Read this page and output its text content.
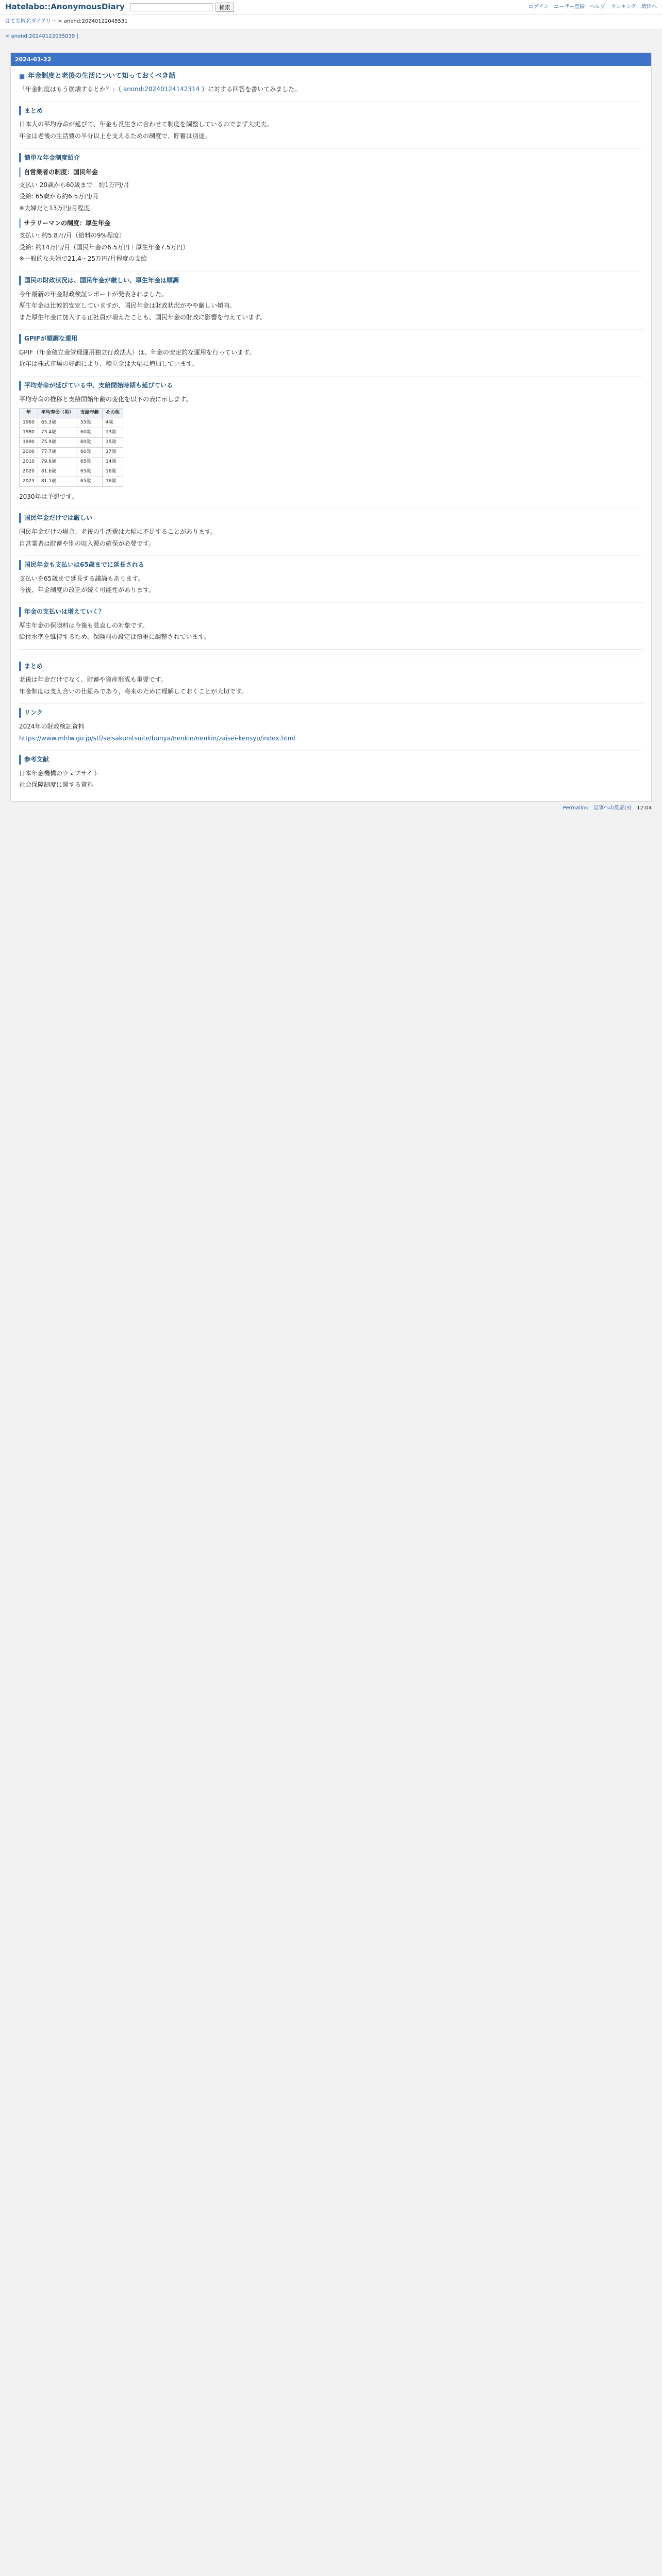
Hatelabo::AnonymousDiary	検索	ログイン ユーザー登録 ヘルプ ランキング 増田へ
はてな匿名ダイアリー > anond:20240122045531
< anond:20240122035039 |
2024-01-22
■ 年金制度と老後の生活について知っておくべき話
「年金制度はもう崩壊するとか？」（ anond:20240124142314 ）に対する回答を書いてみました。
まとめ

日本人の平均寿命が延びて、年金も長生きに合わせて制度を調整しているのでまず大丈夫。

年金は老後の生活費の半分以上を支えるための制度で、貯蓄は別途。

簡単な年金制度紹介
自営業者の制度：国民年金

支払い 20歳から60歳まで　約1万円/月

受給: 65歳から約6.5万円/月

※夫婦だと13万円/月程度

サラリーマンの制度：厚生年金

支払い: 約5.8万/月（給料の9%程度）

受給: 約14万円/月（国民年金の6.5万円＋厚生年金7.5万円）

※一般的な夫婦で21.4～25万円/月程度の支給

国民の財政状況は、国民年金が厳しい、厚生年金は順調

今年最新の年金財政検証レポートが発表されました。

厚生年金は比較的安定していますが、国民年金は財政状況がやや厳しい傾向。

また厚生年金に加入する正社員が増えたことも、国民年金の財政に影響を与えています。

GPIFが順調な運用

GPIF（年金積立金管理運用独立行政法人）は、年金の安定的な運用を行っています。

近年は株式市場の好調により、積立金は大幅に増加しています。

平均寿命が延びている中、支給開始時期も延びている

平均寿命の推移と支給開始年齢の変化を以下の表に示します。

年	平均寿命（男）	支給年齢	その他
1960	65.3歳	55歳	4歳
1980	73.4歳	60歳	13歳
1990	75.9歳	60歳	15歳
2000	77.7歳	60歳	17歳
2010	79.6歳	65歳	14歳
2020	81.6歳	65歳	16歳
2023	81.1歳	65歳	16歳

2030年は予想です。

国民年金だけでは厳しい

国民年金だけの場合、老後の生活費は大幅に不足することがあります。

自営業者は貯蓄や別の収入源の確保が必要です。

国民年金も支払いは65歳までに延長される

支払いを65歳まで延長する議論もあります。

今後、年金制度の改正が続く可能性があります。

年金の支払いは増えていく？

厚生年金の保険料は今後も見直しの対象です。

給付水準を維持するため、保険料の設定は慎重に調整されています。

まとめ

老後は年金だけでなく、貯蓄や資産形成も重要です。

年金制度は支え合いの仕組みであり、将来のために理解しておくことが大切です。

リンク

2024年の財政検証資料

https://www.mhlw.go.jp/stf/seisakunitsuite/bunya/nenkin/nenkin/zaisei-kensyo/index.html

参考文献

日本年金機構のウェブサイト

社会保障制度に関する資料

Permalink 記事への反応(3) 12:04
